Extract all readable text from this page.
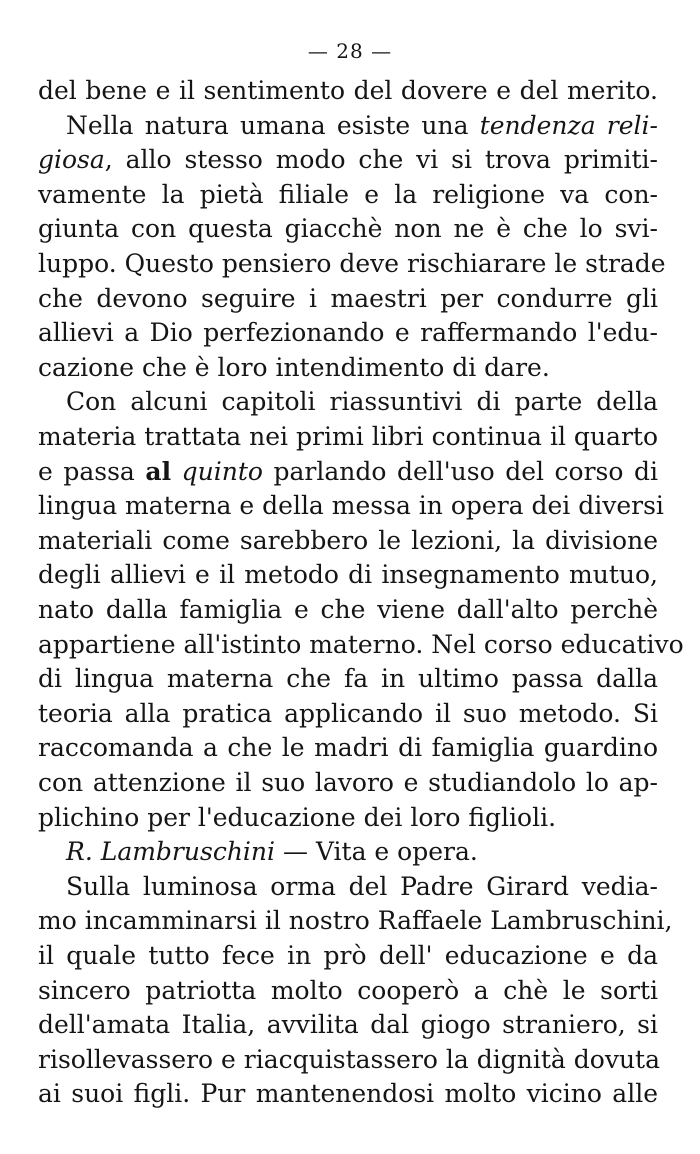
— 28 —
del bene e il sentimento del dovere e del merito.
Nella natura umana esiste una tendenza reli-
giosa, allo stesso modo che vi si trova primiti-
vamente la pietà filiale e la religione va con-
giunta con questa giacchè non ne è che lo svi-
luppo. Questo pensiero deve rischiarare le strade
che devono seguire i maestri per condurre gli
allievi a Dio perfezionando e raffermando l'edu-
cazione che è loro intendimento di dare.
Con alcuni capitoli riassuntivi di parte della
materia trattata nei primi libri continua il quarto
e passa al quinto parlando dell'uso del corso di
lingua materna e della messa in opera dei diversi
materiali come sarebbero le lezioni, la divisione
degli allievi e il metodo di insegnamento mutuo,
nato dalla famiglia e che viene dall'alto perchè
appartiene all'istinto materno. Nel corso educativo
di lingua materna che fa in ultimo passa dalla
teoria alla pratica applicando il suo metodo. Si
raccomanda a che le madri di famiglia guardino
con attenzione il suo lavoro e studiandolo lo ap-
plichino per l'educazione dei loro figlioli.
R. Lambruschini — Vita e opera.
Sulla luminosa orma del Padre Girard vedia-
mo incamminarsi il nostro Raffaele Lambruschini,
il quale tutto fece in prò dell' educazione e da
sincero patriotta molto cooperò a chè le sorti
dell'amata Italia, avvilita dal giogo straniero, si
risollevassero e riacquistassero la dignità dovuta
ai suoi figli. Pur mantenendosi molto vicino alle
